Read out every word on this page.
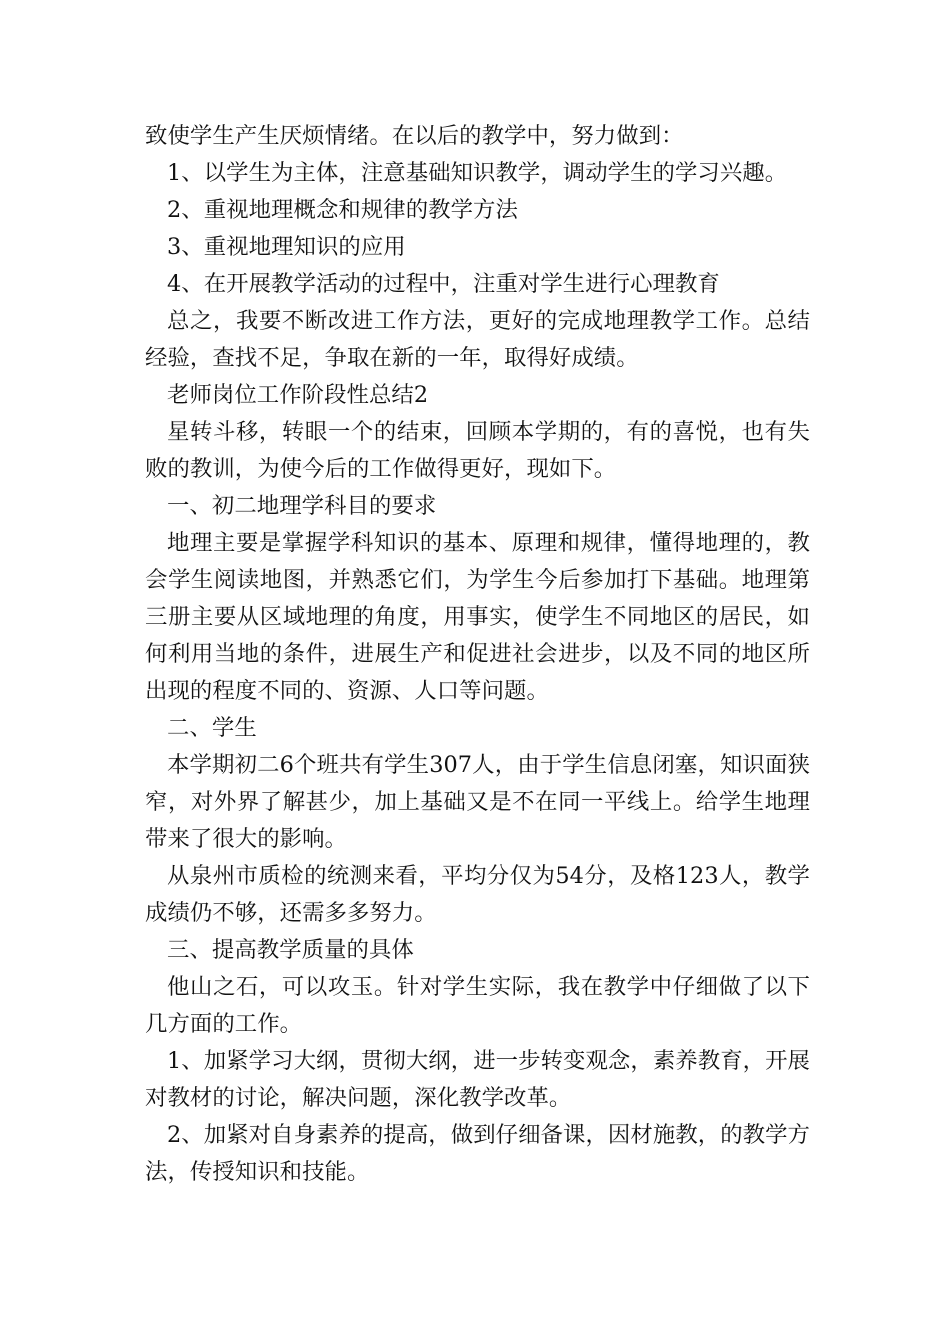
致使学生产生厌烦情绪。在以后的教学中，努力做到：

1、以学生为主体，注意基础知识教学，调动学生的学习兴趣。

2、重视地理概念和规律的教学方法

3、重视地理知识的应用

4、在开展教学活动的过程中，注重对学生进行心理教育

总之，我要不断改进工作方法，更好的完成地理教学工作。总结经验，查找不足，争取在新的一年，取得好成绩。

老师岗位工作阶段性总结2

星转斗移，转眼一个的结束，回顾本学期的，有的喜悦，也有失败的教训，为使今后的工作做得更好，现如下。

一、初二地理学科目的要求

地理主要是掌握学科知识的基本、原理和规律，懂得地理的，教会学生阅读地图，并熟悉它们，为学生今后参加打下基础。地理第三册主要从区域地理的角度，用事实，使学生不同地区的居民，如何利用当地的条件，进展生产和促进社会进步，以及不同的地区所出现的程度不同的、资源、人口等问题。

二、学生

本学期初二6个班共有学生307人，由于学生信息闭塞，知识面狭窄，对外界了解甚少，加上基础又是不在同一平线上。给学生地理带来了很大的影响。

从泉州市质检的统测来看，平均分仅为54分，及格123人，教学成绩仍不够，还需多多努力。

三、提高教学质量的具体

他山之石，可以攻玉。针对学生实际，我在教学中仔细做了以下几方面的工作。

1、加紧学习大纲，贯彻大纲，进一步转变观念，素养教育，开展对教材的讨论，解决问题，深化教学改革。

2、加紧对自身素养的提高，做到仔细备课，因材施教，的教学方法，传授知识和技能。
